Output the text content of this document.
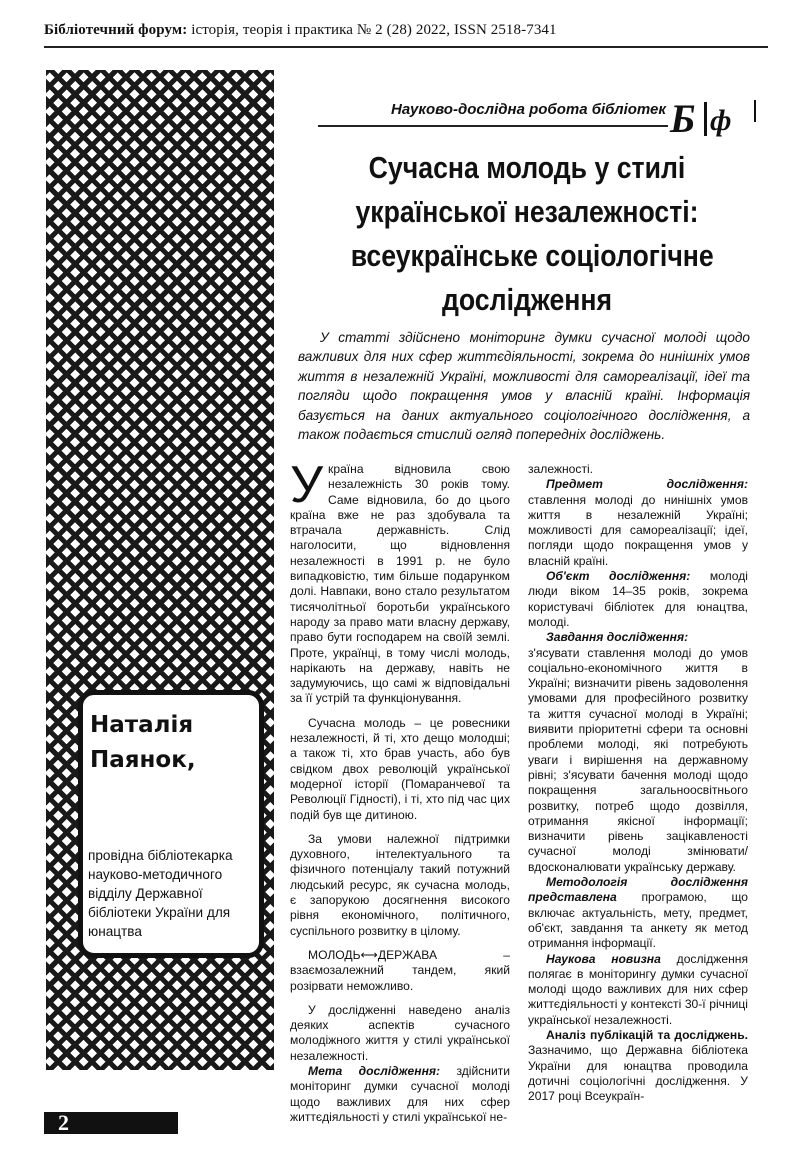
Бібліотечний форум: історія, теорія і практика № 2 (28) 2022, ISSN 2518-7341
Наталія
Паянок,
провідна бібліотекарка науково-методичного відділу Державної бібліотеки України для юнацтва
Науково-дослідна робота бібліотек Б ф
Сучасна молодь у стилі
української незалежності:
всеукраїнське соціологічне
дослідження

У статті здійснено моніторинг думки сучасної молоді щодо важливих для них сфер життєдіяльності, зокрема до нинішніх умов життя в незалежній Україні, можливості для самореалізації, ідеї та погляди щодо покращення умов у власній країні. Інформація базується на даних актуального соціологічного дослідження, а також подається стислий огляд попередніх досліджень.

Україна відновила свою незалежність 30 років тому. Саме відновила, бо до цього країна вже не раз здобувала та втрачала державність. Слід наголосити, що відновлення незалежності в 1991 р. не було випадковістю, тим більше подарунком долі. Навпаки, воно стало результатом тисячолітньої боротьби українського народу за право мати власну державу, право бути господарем на своїй землі. Проте, українці, в тому числі молодь, нарікають на державу, навіть не задумуючись, що самі ж відповідальні за її устрій та функціонування.

Сучасна молодь – це ровесники незалежності, й ті, хто дещо молодші; а також ті, хто брав участь, або був свідком двох революцій української модерної історії (Помаранчевої та Революції Гідності), і ті, хто під час цих подій був ще дитиною.

За умови належної підтримки духовного, інтелектуального та фізичного потенціалу такий потужний людський ресурс, як сучасна молодь, є запорукою досягнення високого рівня економічного, політичного, суспільного розвитку в цілому.

МОЛОДЬ⟷ДЕРЖАВА – взаємозалежний тандем, який розірвати неможливо.

У дослідженні наведено аналіз деяких аспектів сучасного молодіжного життя у стилі української незалежності.

Мета дослідження: здійснити моніторинг думки сучасної молоді щодо важливих для них сфер життєдіяльності у стилі української не-

залежності.

Предмет дослідження: ставлення молоді до нинішніх умов життя в незалежній Україні; можливості для самореалізації; ідеї, погляди щодо покращення умов у власній країні.

Об'єкт дослідження: молоді люди віком 14–35 років, зокрема користувачі бібліотек для юнацтва, молоді.

Завдання дослідження:
з'ясувати ставлення молоді до умов соціально-економічного життя в Україні; визначити рівень задоволення умовами для професійного розвитку та життя сучасної молоді в Україні; виявити пріоритетні сфери та основні проблеми молоді, які потребують уваги і вирішення на державному рівні; з'ясувати бачення молоді щодо покращення загальноосвітнього розвитку, потреб щодо дозвілля, отримання якісної інформації; визначити рівень зацікавленості сучасної молоді змінювати/вдосконалювати українську державу.

Методологія дослідження представлена програмою, що включає актуальність, мету, предмет, об'єкт, завдання та анкету як метод отримання інформації.

Наукова новизна дослідження полягає в моніторингу думки сучасної молоді щодо важливих для них сфер життєдіяльності у контексті 30-ї річниці української незалежності.

Аналіз публікацій та досліджень. Зазначимо, що Державна бібліотека України для юнацтва проводила дотичні соціологічні дослідження. У 2017 році Всеукраїн-

2
